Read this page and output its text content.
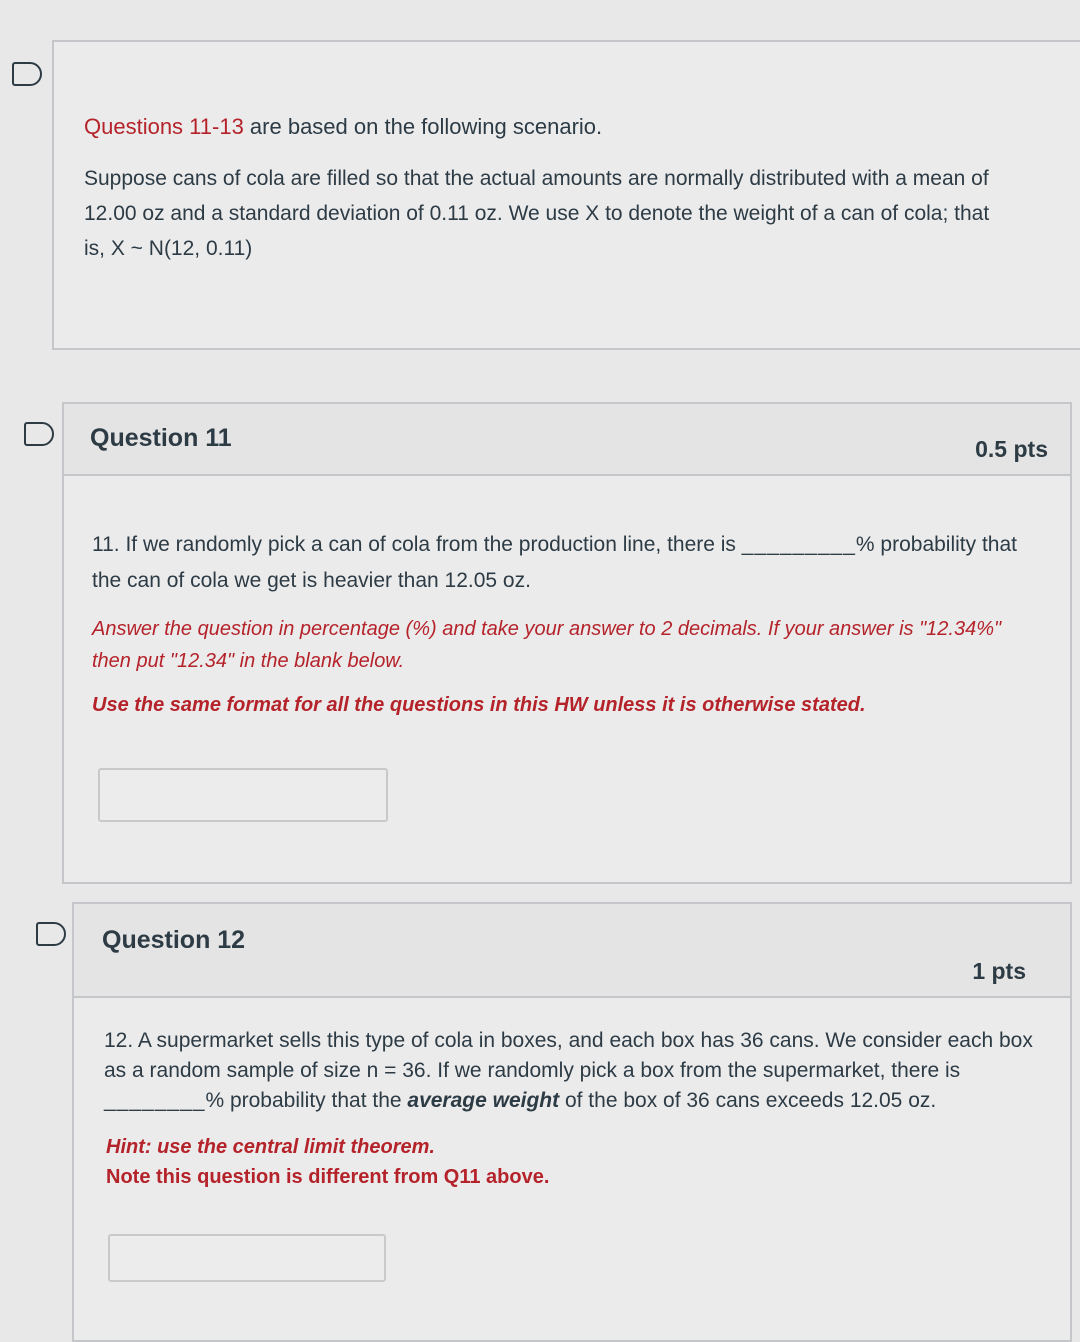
Questions 11-13 are based on the following scenario.
Suppose cans of cola are filled so that the actual amounts are normally distributed with a mean of
12.00 oz and a standard deviation of 0.11 oz. We use X to denote the weight of a can of cola; that
is, X ~ N(12, 0.11)
Question 11	0.5 pts
11. If we randomly pick a can of cola from the production line, there is _________% probability that
the can of cola we get is heavier than 12.05 oz.
Answer the question in percentage (%) and take your answer to 2 decimals. If your answer is "12.34%"
then put "12.34" in the blank below.
Use the same format for all the questions in this HW unless it is otherwise stated.
Question 12
1 pts
12. A supermarket sells this type of cola in boxes, and each box has 36 cans. We consider each box
as a random sample of size n = 36. If we randomly pick a box from the supermarket, there is
________% probability that the average weight of the box of 36 cans exceeds 12.05 oz.
Hint: use the central limit theorem.
Note this question is different from Q11 above.
